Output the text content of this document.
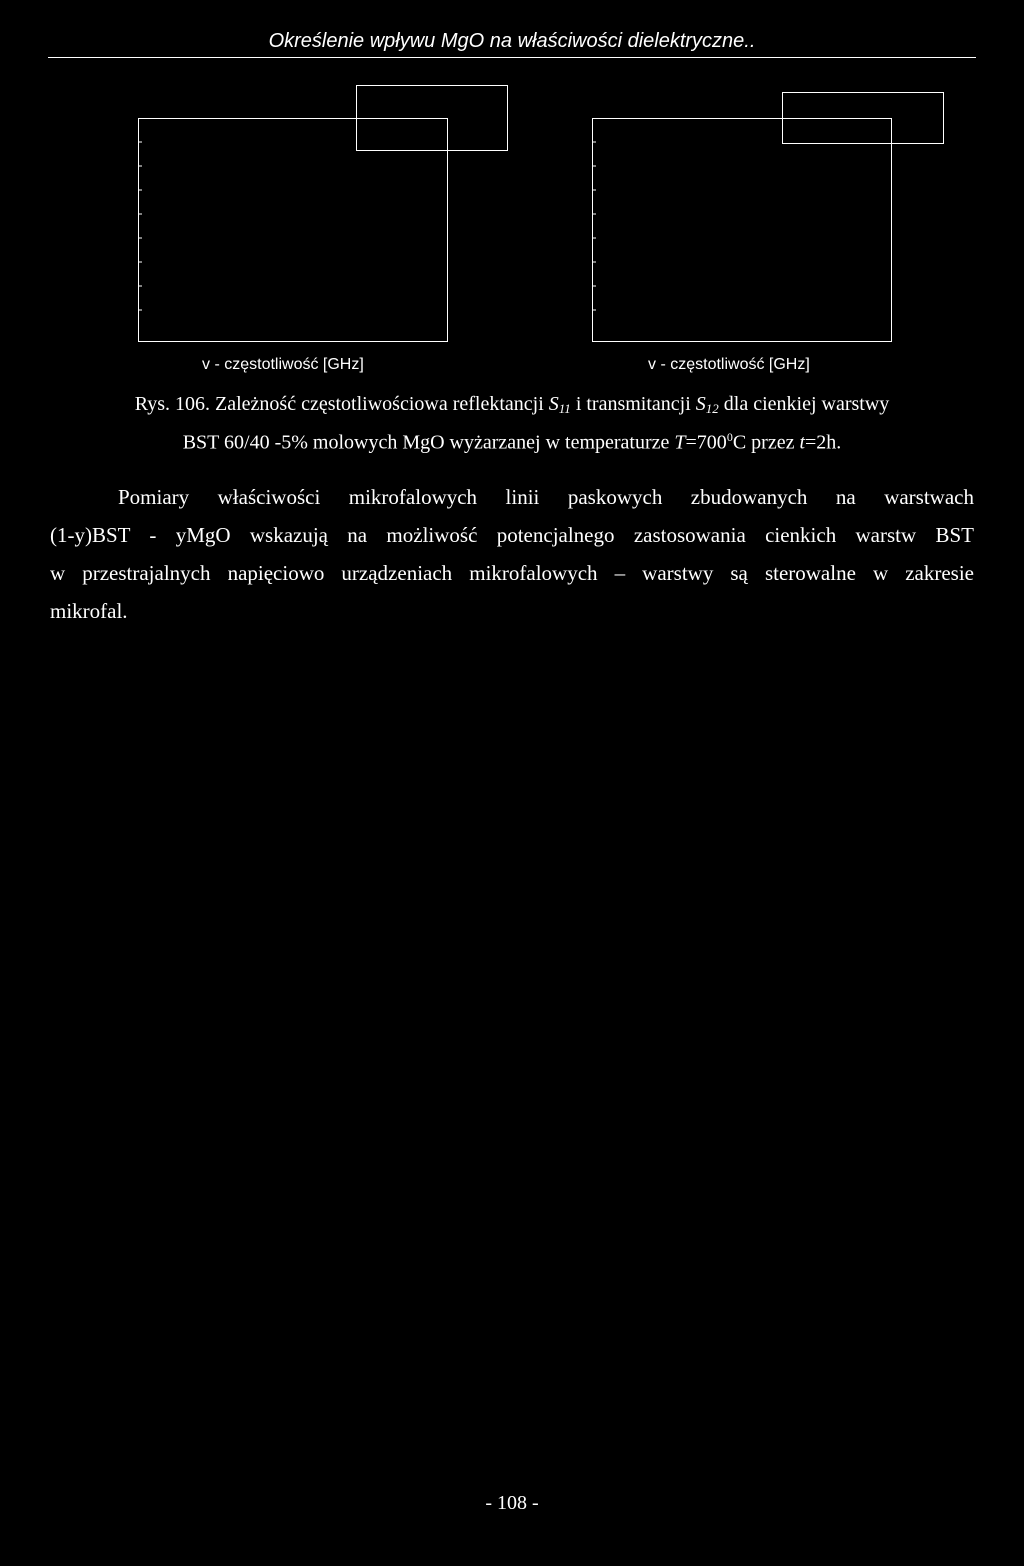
Określenie wpływu MgO na właściwości dielektryczne..
v - częstotliwość [GHz]	v - częstotliwość [GHz]
Rys. 106. Zależność częstotliwościowa reflektancji $S_{11}$ i transmitancji $S_{12}$ dla cienkiej warstwy
BST 60/40 -5% molowych MgO wyżarzanej w temperaturze $T=700^0C$ przez t=2h.
Pomiary właściwości mikrofalowych linii paskowych zbudowanych na warstwach
(1-y)BST - yMgO wskazują na możliwość potencjalnego zastosowania cienkich warstw BST
w przestrajalnych napięciowo urządzeniach mikrofalowych – warstwy są sterowalne w zakresie
mikrofal.
- 108 -
